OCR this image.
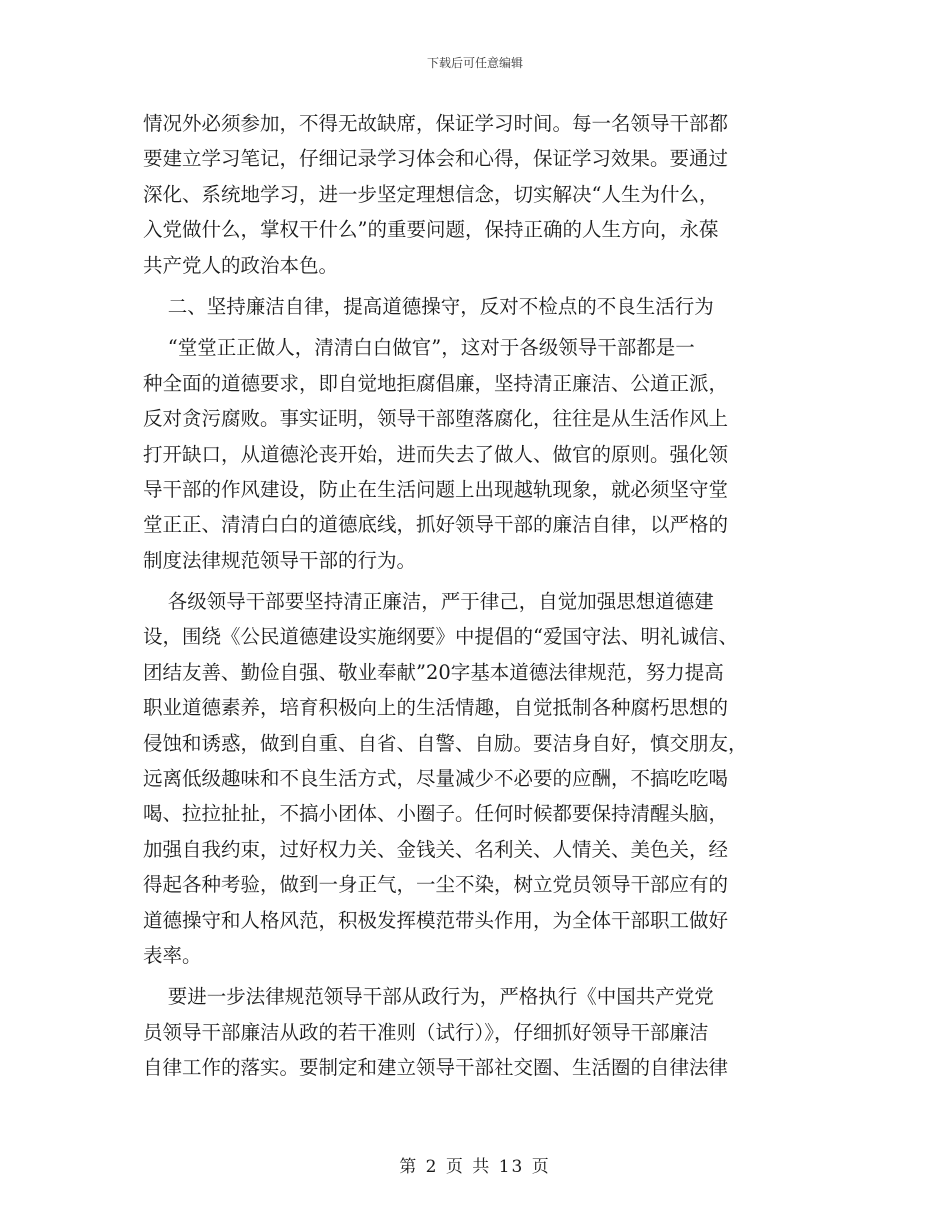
下载后可任意编辑
情况外必须参加，不得无故缺席，保证学习时间。每一名领导干部都
要建立学习笔记，仔细记录学习体会和心得，保证学习效果。要通过
深化、系统地学习，进一步坚定理想信念，切实解决“人生为什么，
入党做什么，掌权干什么”的重要问题，保持正确的人生方向，永葆
共产党人的政治本色。
二、坚持廉洁自律，提高道德操守，反对不检点的不良生活行为
“堂堂正正做人，清清白白做官”，这对于各级领导干部都是一
种全面的道德要求，即自觉地拒腐倡廉，坚持清正廉洁、公道正派，
反对贪污腐败。事实证明，领导干部堕落腐化，往往是从生活作风上
打开缺口，从道德沦丧开始，进而失去了做人、做官的原则。强化领
导干部的作风建设，防止在生活问题上出现越轨现象，就必须坚守堂
堂正正、清清白白的道德底线，抓好领导干部的廉洁自律，以严格的
制度法律规范领导干部的行为。
各级领导干部要坚持清正廉洁，严于律己，自觉加强思想道德建
设，围绕《公民道德建设实施纲要》中提倡的“爱国守法、明礼诚信、
团结友善、勤俭自强、敬业奉献”20字基本道德法律规范，努力提高
职业道德素养，培育积极向上的生活情趣，自觉抵制各种腐朽思想的
侵蚀和诱惑，做到自重、自省、自警、自励。要洁身自好，慎交朋友，
远离低级趣味和不良生活方式，尽量减少不必要的应酬，不搞吃吃喝
喝、拉拉扯扯，不搞小团体、小圈子。任何时候都要保持清醒头脑，
加强自我约束，过好权力关、金钱关、名利关、人情关、美色关，经
得起各种考验，做到一身正气，一尘不染，树立党员领导干部应有的
道德操守和人格风范，积极发挥模范带头作用，为全体干部职工做好
表率。
要进一步法律规范领导干部从政行为，严格执行《中国共产党党
员领导干部廉洁从政的若干准则（试行）》，仔细抓好领导干部廉洁
自律工作的落实。要制定和建立领导干部社交圈、生活圈的自律法律
第 2 页 共 13 页
